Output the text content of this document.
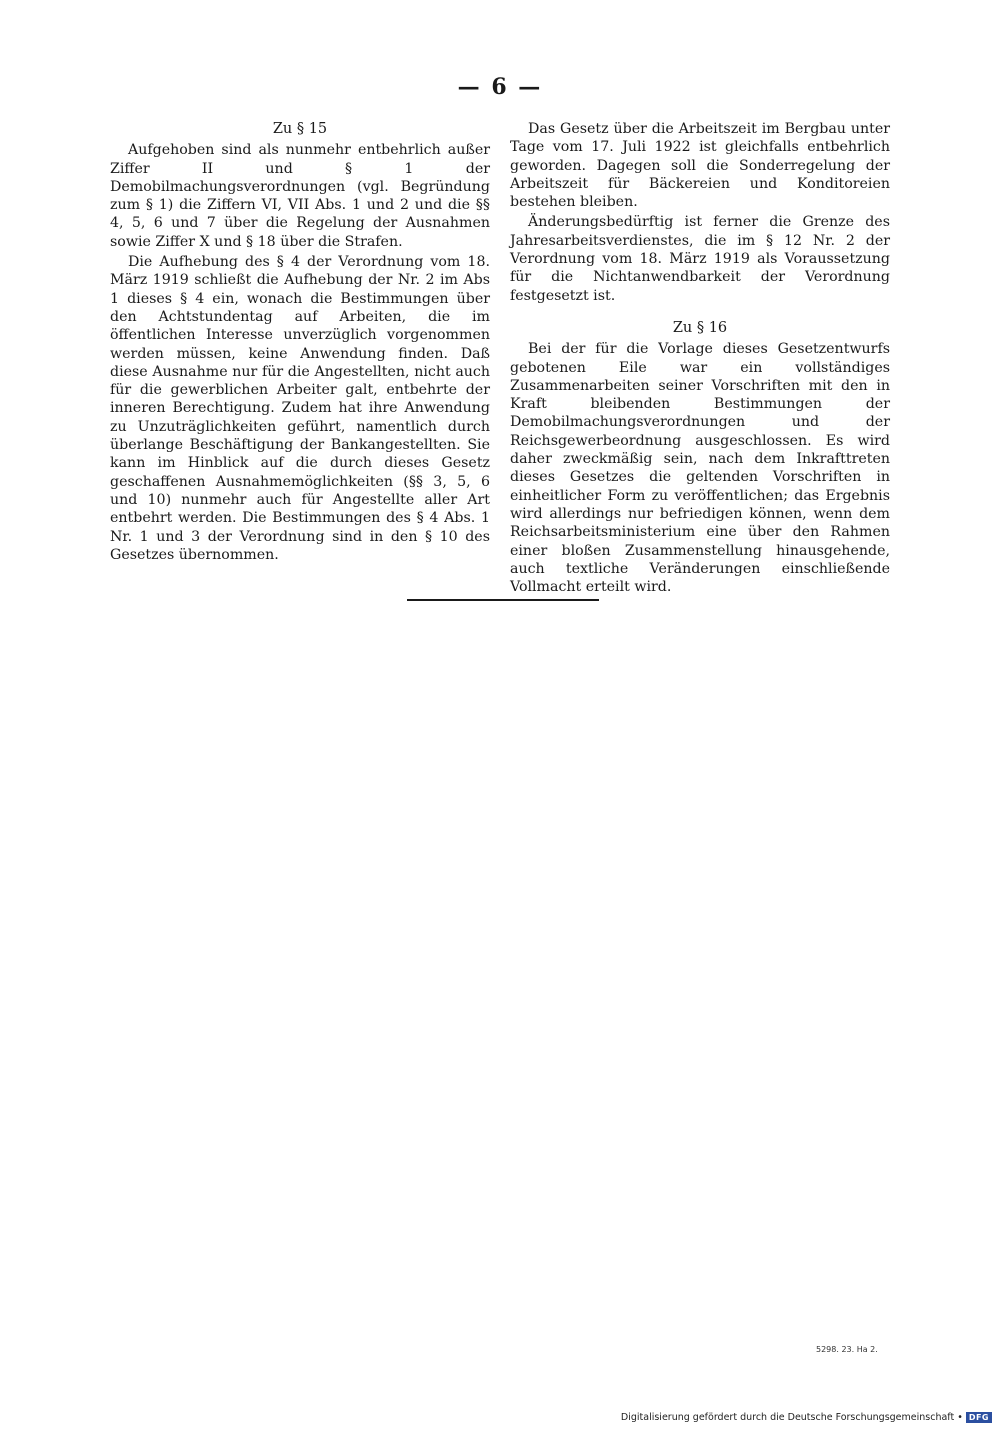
— 6 —
Zu § 15

Aufgehoben sind als nunmehr entbehrlich außer Ziffer II und § 1 der Demobilmachungsverordnungen (vgl. Begründung zum § 1) die Ziffern VI, VII Abs. 1 und 2 und die §§ 4, 5, 6 und 7 über die Regelung der Ausnahmen sowie Ziffer X und § 18 über die Strafen.

Die Aufhebung des § 4 der Verordnung vom 18. März 1919 schließt die Aufhebung der Nr. 2 im Abs 1 dieses § 4 ein, wonach die Bestimmungen über den Achtstundentag auf Arbeiten, die im öffentlichen Interesse unverzüglich vorgenommen werden müssen, keine Anwendung finden. Daß diese Ausnahme nur für die Angestellten, nicht auch für die gewerblichen Arbeiter galt, entbehrte der inneren Berechtigung. Zudem hat ihre Anwendung zu Unzuträglichkeiten geführt, namentlich durch überlange Beschäftigung der Bankangestellten. Sie kann im Hinblick auf die durch dieses Gesetz geschaffenen Ausnahmemöglichkeiten (§§ 3, 5, 6 und 10) nunmehr auch für Angestellte aller Art entbehrt werden. Die Bestimmungen des § 4 Abs. 1 Nr. 1 und 3 der Verordnung sind in den § 10 des Gesetzes übernommen.

Das Gesetz über die Arbeitszeit im Bergbau unter Tage vom 17. Juli 1922 ist gleichfalls entbehrlich geworden. Dagegen soll die Sonderregelung der Arbeitszeit für Bäckereien und Konditoreien bestehen bleiben.

Änderungsbedürftig ist ferner die Grenze des Jahresarbeitsverdienstes, die im § 12 Nr. 2 der Verordnung vom 18. März 1919 als Voraussetzung für die Nichtanwendbarkeit der Verordnung festgesetzt ist.

Zu § 16

Bei der für die Vorlage dieses Gesetzentwurfs gebotenen Eile war ein vollständiges Zusammenarbeiten seiner Vorschriften mit den in Kraft bleibenden Bestimmungen der Demobilmachungsverordnungen und der Reichsgewerbeordnung ausgeschlossen. Es wird daher zweckmäßig sein, nach dem Inkrafttreten dieses Gesetzes die geltenden Vorschriften in einheitlicher Form zu veröffentlichen; das Ergebnis wird allerdings nur befriedigen können, wenn dem Reichsarbeitsministerium eine über den Rahmen einer bloßen Zusammenstellung hinausgehende, auch textliche Veränderungen einschließende Vollmacht erteilt wird.

5298. 23. Ha 2.
Digitalisierung gefördert durch die Deutsche Forschungsgemeinschaft • DFG
